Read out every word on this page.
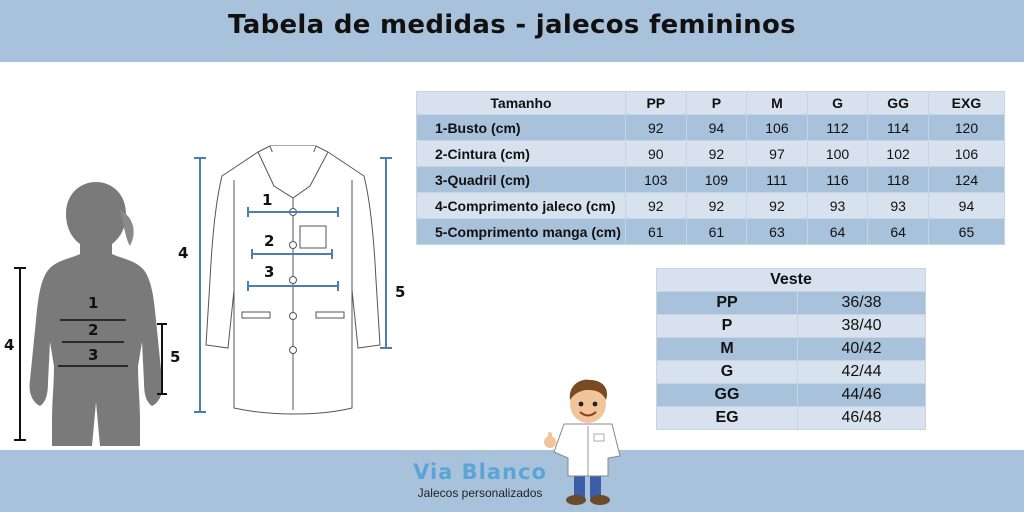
Tabela de medidas - jalecos femininos
1
2
3
4
5
1
2
3
4
5
Tamanho	PP	P	M	G	GG	EXG
1-Busto (cm)	92	94	106	112	114	120
2-Cintura (cm)	90	92	97	100	102	106
3-Quadril (cm)	103	109	111	116	118	124
4-Comprimento jaleco (cm)	92	92	92	93	93	94
5-Comprimento manga (cm)	61	61	63	64	64	65
Veste	
PP	36/38
P	38/40
M	40/42
G	42/44
GG	44/46
EG	46/48
Via Blanco
Jalecos personalizados
